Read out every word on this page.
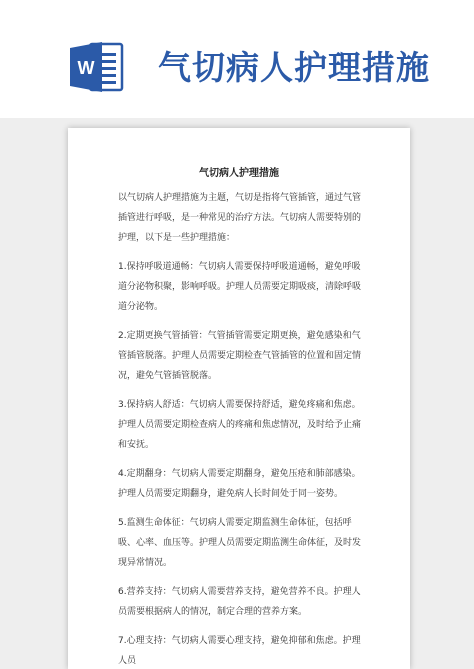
W 气切病人护理措施
气切病人护理措施

以气切病人护理措施为主题，气切是指将气管插管，通过气管插管进行呼吸，是一种常见的治疗方法。气切病人需要特别的护理，以下是一些护理措施：

1.保持呼吸道通畅：气切病人需要保持呼吸道通畅，避免呼吸道分泌物积聚，影响呼吸。护理人员需要定期吸痰，清除呼吸道分泌物。

2.定期更换气管插管：气管插管需要定期更换，避免感染和气管插管脱落。护理人员需要定期检查气管插管的位置和固定情况，避免气管插管脱落。

3.保持病人舒适：气切病人需要保持舒适，避免疼痛和焦虑。护理人员需要定期检查病人的疼痛和焦虑情况，及时给予止痛和安抚。

4.定期翻身：气切病人需要定期翻身，避免压疮和肺部感染。护理人员需要定期翻身，避免病人长时间处于同一姿势。

5.监测生命体征：气切病人需要定期监测生命体征，包括呼吸、心率、血压等。护理人员需要定期监测生命体征，及时发现异常情况。

6.营养支持：气切病人需要营养支持，避免营养不良。护理人员需要根据病人的情况，制定合理的营养方案。

7.心理支持：气切病人需要心理支持，避免抑郁和焦虑。护理人员
